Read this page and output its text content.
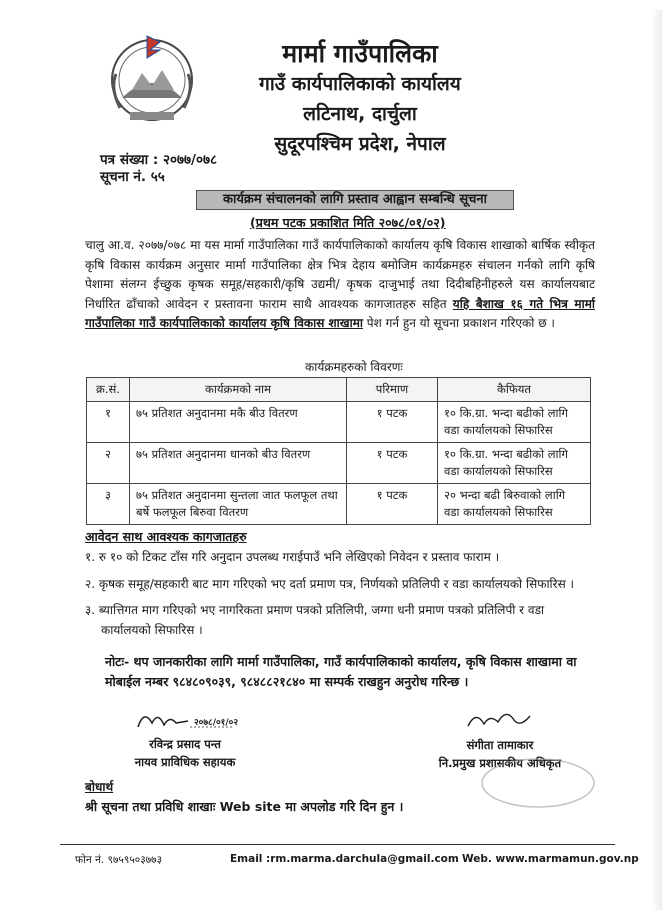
मार्मा गाउँपालिका
गाउँ कार्यपालिकाको कार्यालय
लटिनाथ, दार्चुला
सुदूरपश्चिम प्रदेश, नेपाल
पत्र संख्या : २०७७/०७८
सूचना नं. ५५
कार्यक्रम संचालनको लागि प्रस्ताव आह्वान सम्बन्धि सूचना
(प्रथम पटक प्रकाशित मिति २०७८/०१/०२)
चालु आ.व. २०७७/०७८ मा यस मार्मा गाउँपालिका गाउँ कार्यपालिकाको कार्यालय कृषि विकास शाखाको बार्षिक स्वीकृत कृषि विकास कार्यक्रम अनुसार मार्मा गाउँपालिका क्षेत्र भित्र देहाय बमोजिम कार्यक्रमहरु संचालन गर्नको लागि कृषि पेशामा संलग्न ईच्छुक कृषक समूह/सहकारी/कृषि उद्यमी/ कृषक दाजुभाई तथा दिदीबहिनीहरुले यस कार्यालयबाट निर्धारित ढाँचाको आवेदन र प्रस्तावना फाराम साथै आवश्यक कागजातहरु सहित यहि बैशाख १६ गते भित्र मार्मा गाउँपालिका गाउँ कार्यपालिकाको कार्यालय कृषि विकास शाखामा पेश गर्न हुन यो सूचना प्रकाशन गरिएको छ ।
कार्यक्रमहरुको विवरणः
क्र.सं.	कार्यक्रमको नाम	परिमाण	कैफियत
१	७५ प्रतिशत अनुदानमा मकै बीउ वितरण	१ पटक	१० कि.ग्रा. भन्दा बढीको लागि वडा कार्यालयको सिफारिस
२	७५ प्रतिशत अनुदानमा धानको बीउ वितरण	१ पटक	१० कि.ग्रा. भन्दा बढीको लागि वडा कार्यालयको सिफारिस
३	७५ प्रतिशत अनुदानमा सुन्तला जात फलफूल तथा बर्षे फलफूल बिरुवा वितरण	१ पटक	२० भन्दा बढी बिरुवाको लागि वडा कार्यालयको सिफारिस
आवेदन साथ आवश्यक कागजातहरु
१. रु १० को टिकट टाँस गरि अनुदान उपलब्ध गराईपाउँ भनि लेखिएको निवेदन र प्रस्ताव फाराम ।
२. कृषक समूह/सहकारी बाट माग गरिएको भए दर्ता प्रमाण पत्र, निर्णयको प्रतिलिपी र वडा कार्यालयको सिफारिस ।
३. ब्यात्तिगत माग गरिएको भए नागरिकता प्रमाण पत्रको प्रतिलिपी, जग्गा धनी प्रमाण पत्रको प्रतिलिपी र वडा कार्यालयको सिफारिस ।
नोटः- थप जानकारीका लागि मार्मा गाउँपालिका, गाउँ कार्यपालिकाको कार्यालय, कृषि विकास शाखामा वा मोबाईल नम्बर ९८४८०९०३९, ९८४८८२१८४० मा सम्पर्क राखहुन अनुरोध गरिन्छ ।
२०७८/०१/०२
रविन्द्र प्रसाद पन्त
नायव प्राविधिक सहायक
संगीता तामाकार
नि.प्रमुख प्रशासकीय अधिकृत
बोधार्थ
श्री सूचना तथा प्रविधि शाखाः Web site मा अपलोड गरि दिन हुन ।
फोन नं. ९७५९५०३७७३	Email :rm.marma.darchula@gmail.com Web. www.marmamun.gov.np
